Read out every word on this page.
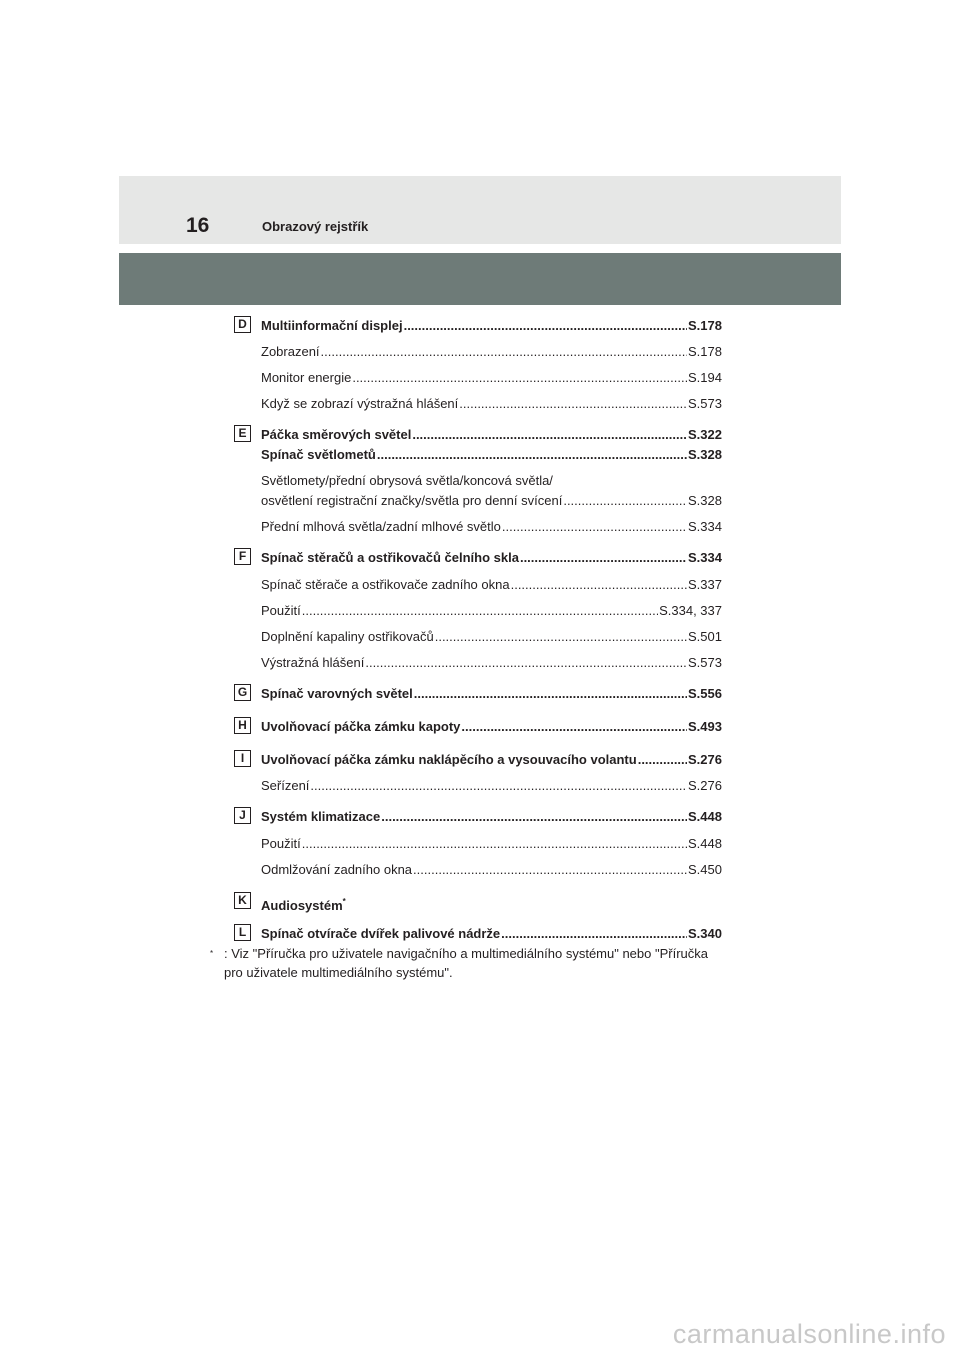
16	Obrazový rejstřík
D	Multiinformační displej .....	S.178
Zobrazení .....	S.178
Monitor energie .....	S.194
Když se zobrazí výstražná hlášení .....	S.573
E	Páčka směrových světel .....	S.322
Spínač světlometů .....	S.328
Světlomety/přední obrysová světla/koncová světla/
osvětlení registrační značky/světla pro denní svícení .....	S.328
Přední mlhová světla/zadní mlhové světlo .....	S.334
F	Spínač stěračů a ostřikovačů čelního skla .....	S.334
Spínač stěrače a ostřikovače zadního okna .....	S.337
Použití .....	S.334, 337
Doplnění kapaliny ostřikovačů .....	S.501
Výstražná hlášení .....	S.573
G Spínač varovných světel .....	S.556
H	Uvolňovací páčka zámku kapoty .....	S.493
I	Uvolňovací páčka zámku naklápěcího a vysouvacího volantu .....	S.276
Seřízení .....	S.276
J	Systém klimatizace .....	S.448
Použití .....	S.448
Odmlžování zadního okna .....	S.450
K	Audiosystém*
L	Spínač otvírače dvířek palivové nádrže .....	S.340
* : Viz "Příručka pro uživatele navigačního a multimediálního systému" nebo "Příručka
pro uživatele multimediálního systému".
carmanualsonline.info
